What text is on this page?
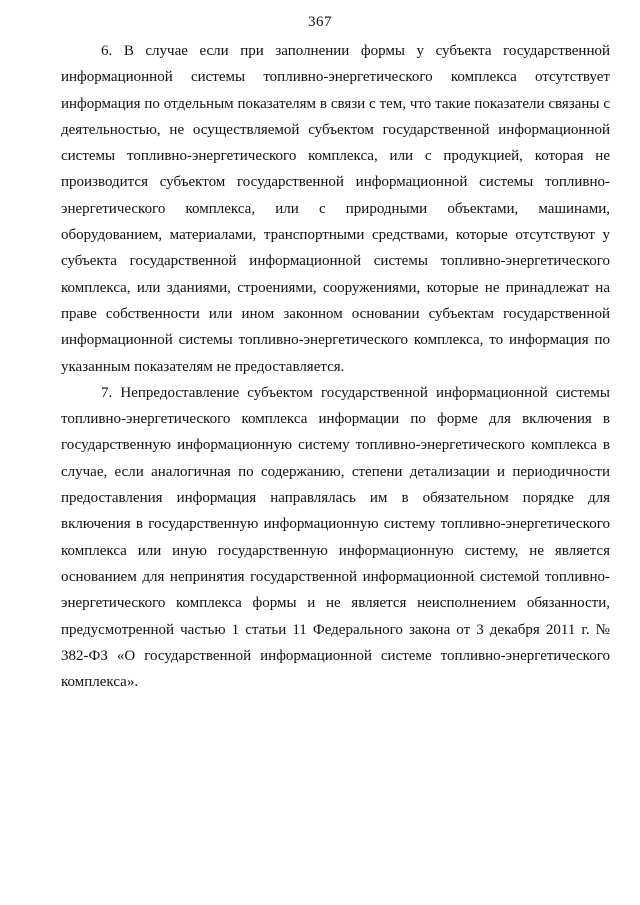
367

6. В случае если при заполнении формы у субъекта государственной информационной системы топливно-энергетического комплекса отсутствует информация по отдельным показателям в связи с тем, что такие показатели связаны с деятельностью, не осуществляемой субъектом государственной информационной системы топливно-энергетического комплекса, или с продукцией, которая не производится субъектом государственной информационной системы топливно-энергетического комплекса, или с природными объектами, машинами, оборудованием, материалами, транспортными средствами, которые отсутствуют у субъекта государственной информационной системы топливно-энергетического комплекса, или зданиями, строениями, сооружениями, которые не принадлежат на праве собственности или ином законном основании субъектам государственной информационной системы топливно-энергетического комплекса, то информация по указанным показателям не предоставляется.

7. Непредоставление субъектом государственной информационной системы топливно-энергетического комплекса информации по форме для включения в государственную информационную систему топливно-энергетического комплекса в случае, если аналогичная по содержанию, степени детализации и периодичности предоставления информация направлялась им в обязательном порядке для включения в государственную информационную систему топливно-энергетического комплекса или иную государственную информационную систему, не является основанием для непринятия государственной информационной системой топливно-энергетического комплекса формы и не является неисполнением обязанности, предусмотренной частью 1 статьи 11 Федерального закона от 3 декабря 2011 г. № 382-ФЗ «О государственной информационной системе топливно-энергетического комплекса».
